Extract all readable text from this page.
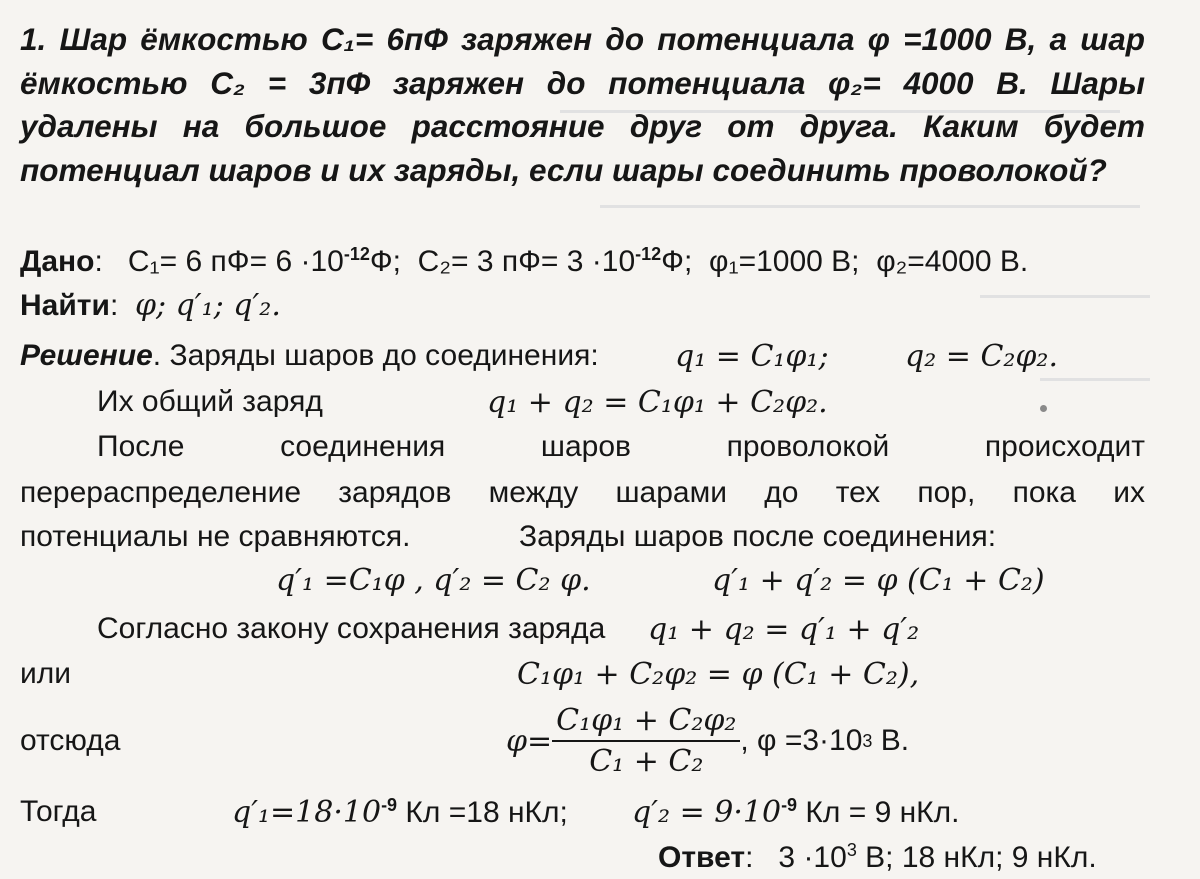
1. Шар ёмкостью C₁= 6пФ заряжен до потенциала φ =1000 В, а шар ёмкостью C₂ = 3пФ заряжен до потенциала φ₂= 4000 В. Шары удалены на большое расстояние друг от друга. Каким будет потенциал шаров и их заряды, если шары соединить проволокой?
Дано:   C₁= 6 $пФ= 6 \cdot 10^{-12}Ф$; C₂= 3 $пФ= 3 \cdot 10^{-12}Ф$; φ₁=1000 В; φ₂=4000 В.
Найти:  φ; q′₁; q′₂.
Решение. Заряды шаров до соединения:	q₁ = C₁φ₁;	q₂ = C₂φ₂.
Их общий заряд	q₁ + q₂ = C₁φ₁ + C₂φ₂.
После соединения шаров проволокой происходит
перераспределение зарядов между шарами до тех пор, пока их
потенциалы не сравняются.	Заряды шаров после соединения:
q′₁ =C₁φ , q′₂ = C₂ φ.	q′₁ + q′₂ = φ (C₁ + C₂)
Согласно закону сохранения заряда q₁ + q₂ = q′₁ + q′₂
или	C₁φ₁ + C₂φ₂ = φ (C₁ + C₂),
отсюда	$\varphi= \frac{\text{C₁φ₁ + C₂φ₂}}{\text{C₁ + C₂}}$ , φ =3·10 3
В.
Тогда	$q'_1=18\cdot 10^{-9}$ Кл =18 нКл; $q'_2 = 9\cdot 10^{-9}$ Кл = 9 нКл.
Ответ:   $3 \cdot 10^3$ В; 18 нКл; 9 нКл.
